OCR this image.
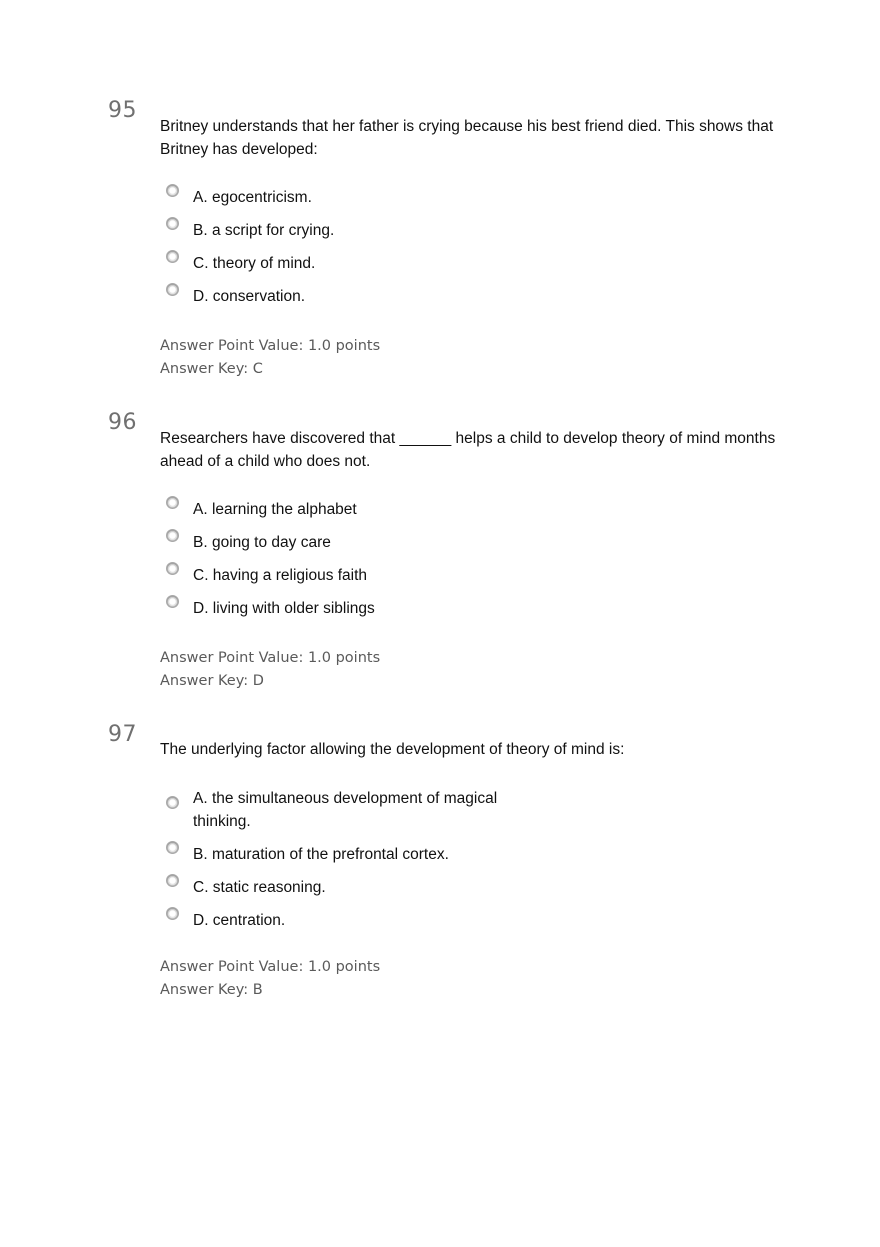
95
Britney understands that her father is crying because his best friend died. This shows that Britney has developed:
A. egocentricism.
B. a script for crying.
C. theory of mind.
D. conservation.
Answer Point Value: 1.0 points
Answer Key: C
96
Researchers have discovered that ______ helps a child to develop theory of mind months ahead of a child who does not.
A. learning the alphabet
B. going to day care
C. having a religious faith
D. living with older siblings
Answer Point Value: 1.0 points
Answer Key: D
97
The underlying factor allowing the development of theory of mind is:
A. the simultaneous development of magical thinking.
B. maturation of the prefrontal cortex.
C. static reasoning.
D. centration.
Answer Point Value: 1.0 points
Answer Key: B
